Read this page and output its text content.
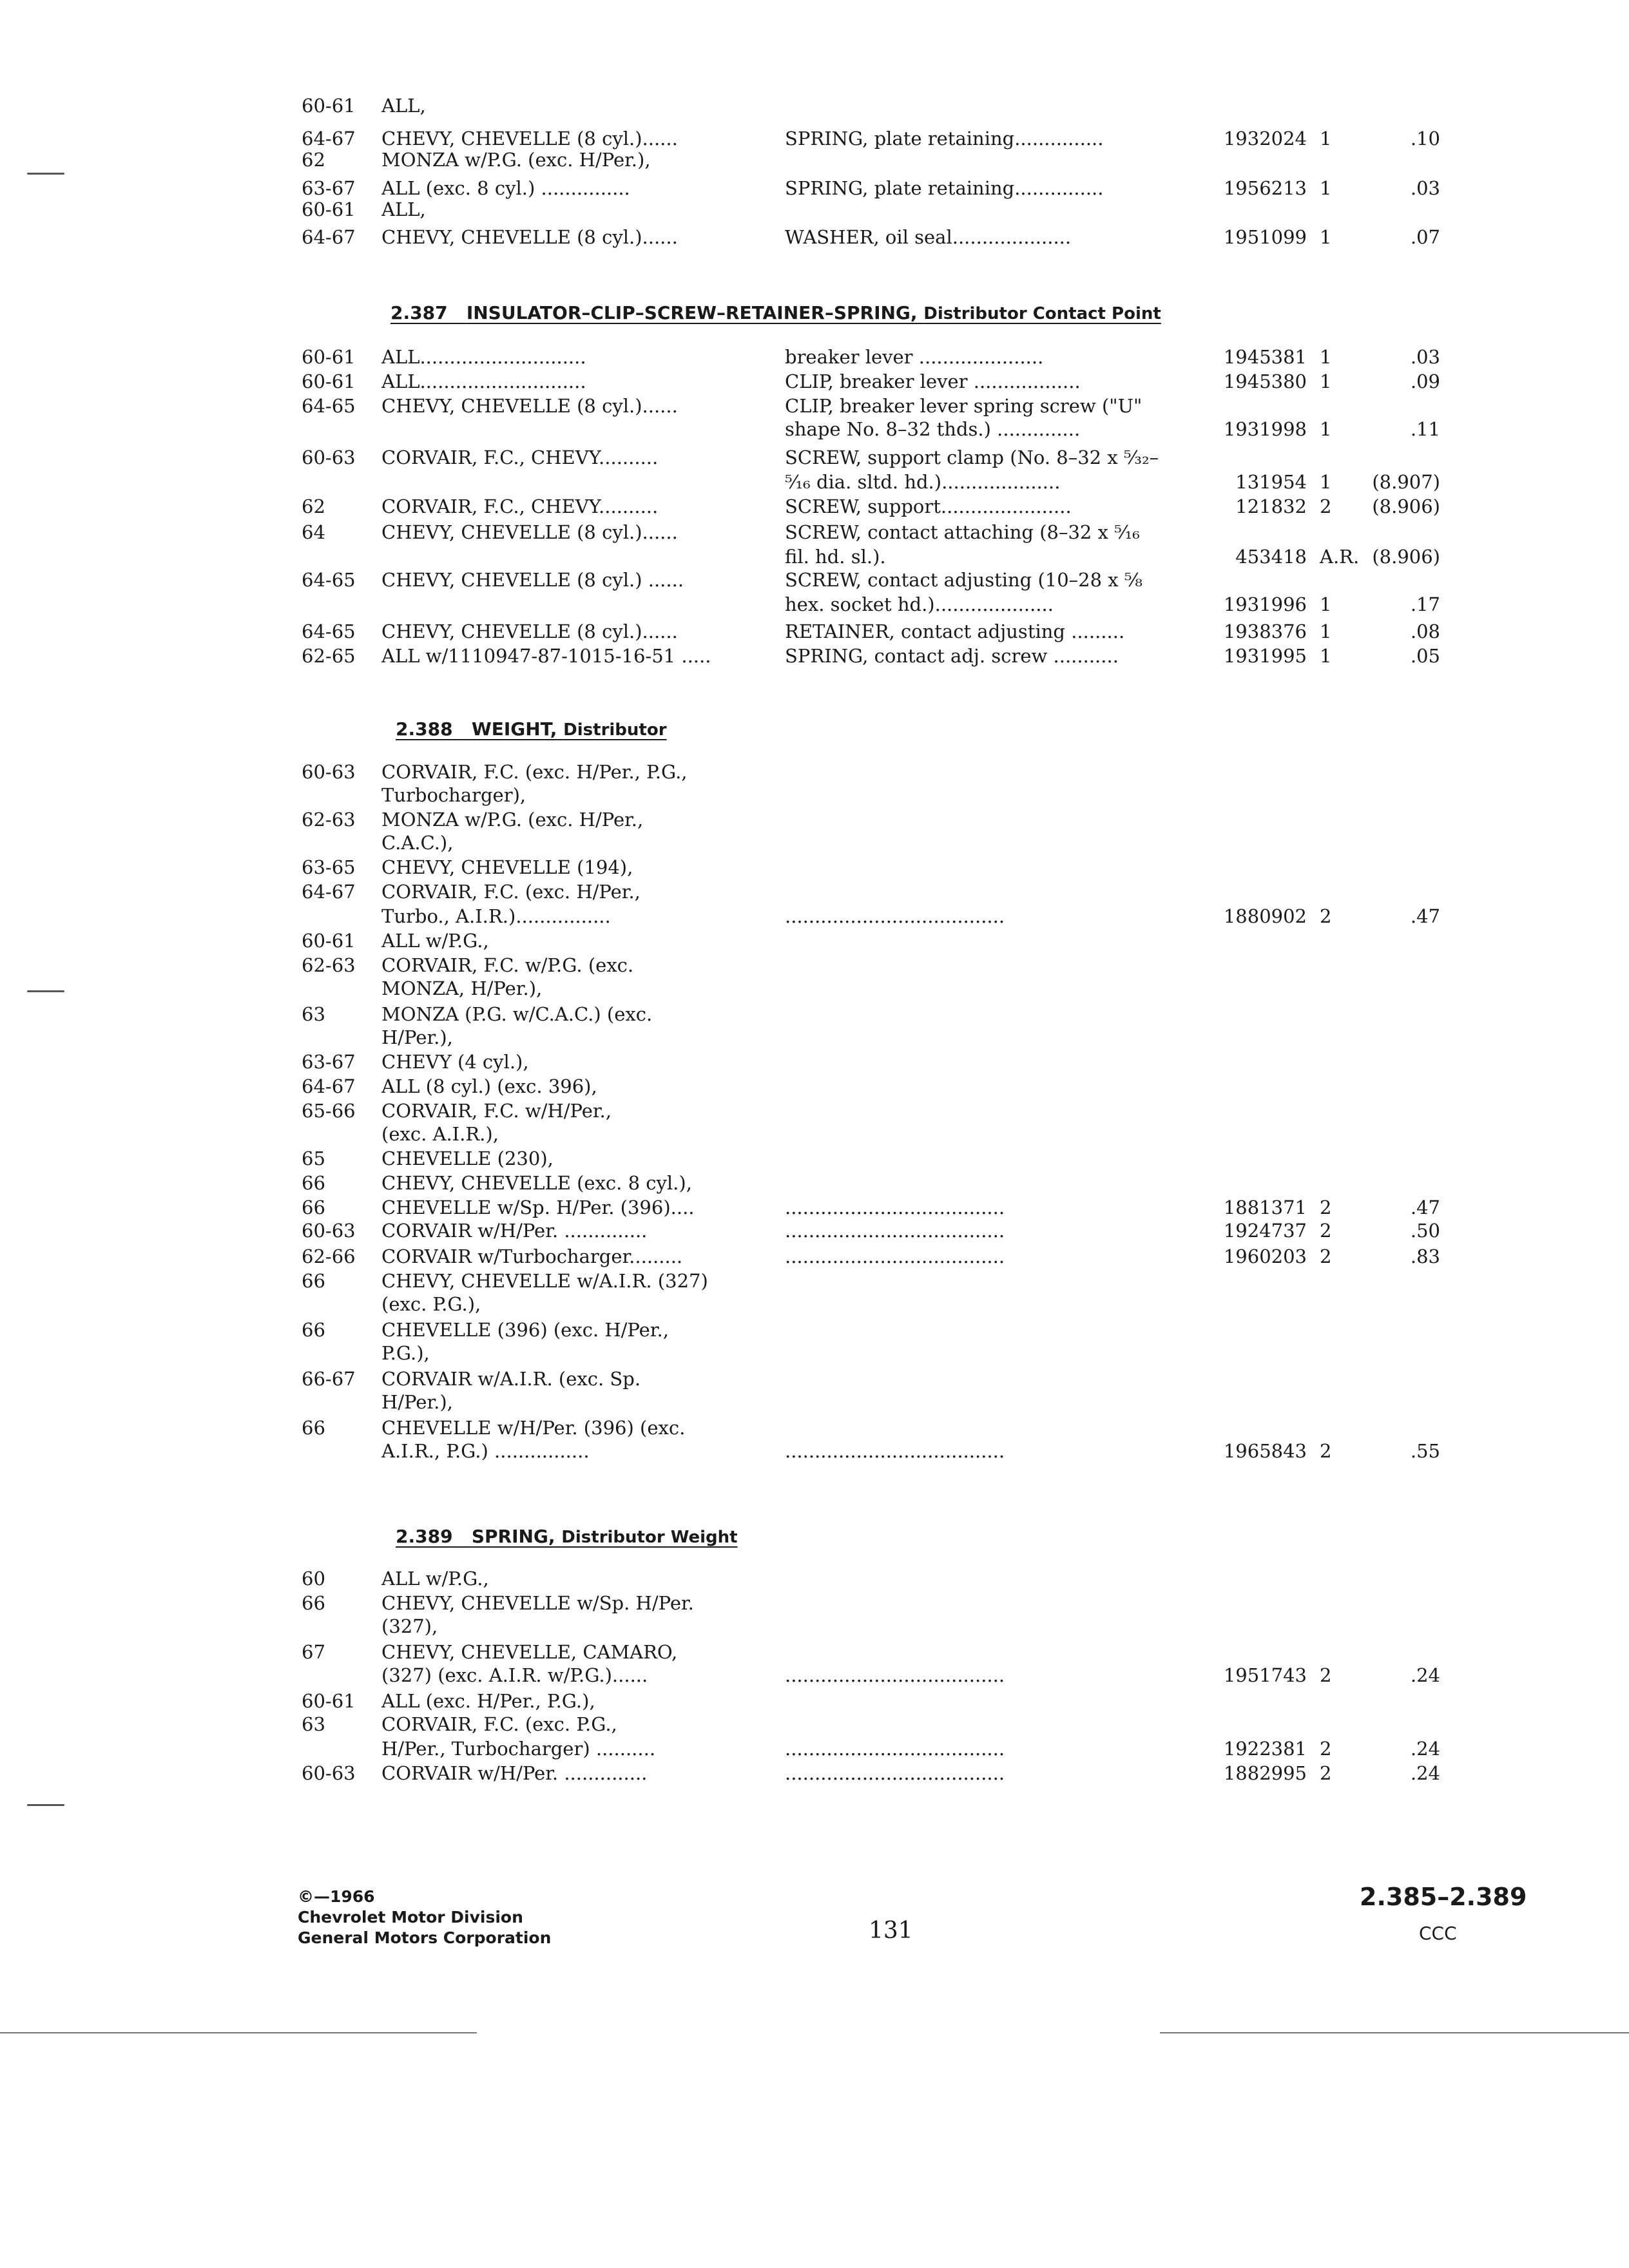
60-61 ALL,
64-67 CHEVY, CHEVELLE (8 cyl.)......	SPRING, plate retaining...............	1932024 1	.10
62	MONZA w/P.G. (exc. H/Per.),
63-67 ALL (exc. 8 cyl.) ...............	SPRING, plate retaining...............	1956213 1	.03
60-61 ALL,
64-67 CHEVY, CHEVELLE (8 cyl.)......	WASHER, oil seal....................	1951099 1	.07
2.387 INSULATOR–CLIP–SCREW–RETAINER–SPRING, Distributor Contact Point
60-61 ALL............................	breaker lever .....................	1945381 1	.03
60-61 ALL............................	CLIP, breaker lever ..................	1945380 1	.09
64-65 CHEVY, CHEVELLE (8 cyl.)......	CLIP, breaker lever spring screw ("U"
shape No. 8–32 thds.) ..............	1931998 1	.11
60-63 CORVAIR, F.C., CHEVY..........	SCREW, support clamp (No. 8–32 x ⁵⁄₃₂–
⁵⁄₁₆ dia. sltd. hd.)....................	131954 1	(8.907)
62	CORVAIR, F.C., CHEVY..........	SCREW, support......................	121832 2	(8.906)
64	CHEVY, CHEVELLE (8 cyl.)......	SCREW, contact attaching (8–32 x ⁵⁄₁₆
fil. hd. sl.).	453418 A.R. (8.906)
64-65 CHEVY, CHEVELLE (8 cyl.) ......	SCREW, contact adjusting (10–28 x ⁵⁄₈
hex. socket hd.)....................	1931996 1	.17
64-65 CHEVY, CHEVELLE (8 cyl.)......	RETAINER, contact adjusting .........	1938376 1	.08
62-65 ALL w/1110947-87-1015-16-51 .....	SPRING, contact adj. screw ...........	1931995 1	.05
2.388 WEIGHT, Distributor
60-63 CORVAIR, F.C. (exc. H/Per., P.G.,
Turbocharger),
62-63 MONZA w/P.G. (exc. H/Per.,
C.A.C.),
63-65 CHEVY, CHEVELLE (194),
64-67 CORVAIR, F.C. (exc. H/Per.,
Turbo., A.I.R.)................	.....................................	1880902 2	.47
60-61 ALL w/P.G.,
62-63 CORVAIR, F.C. w/P.G. (exc.
MONZA, H/Per.),
63	MONZA (P.G. w/C.A.C.) (exc.
H/Per.),
63-67 CHEVY (4 cyl.),
64-67 ALL (8 cyl.) (exc. 396),
65-66 CORVAIR, F.C. w/H/Per.,
(exc. A.I.R.),
65	CHEVELLE (230),
66	CHEVY, CHEVELLE (exc. 8 cyl.),
66	CHEVELLE w/Sp. H/Per. (396)....	.....................................	1881371 2	.47
60-63 CORVAIR w/H/Per. ..............	.....................................	1924737 2	.50
62-66 CORVAIR w/Turbocharger.........	.....................................	1960203 2	.83
66	CHEVY, CHEVELLE w/A.I.R. (327)
(exc. P.G.),
66	CHEVELLE (396) (exc. H/Per.,
P.G.),
66-67 CORVAIR w/A.I.R. (exc. Sp.
H/Per.),
66	CHEVELLE w/H/Per. (396) (exc.
A.I.R., P.G.) ................	.....................................	1965843 2	.55
2.389 SPRING, Distributor Weight
60	ALL w/P.G.,
66	CHEVY, CHEVELLE w/Sp. H/Per.
(327),
67	CHEVY, CHEVELLE, CAMARO,
(327) (exc. A.I.R. w/P.G.)......	.....................................	1951743 2	.24
60-61 ALL (exc. H/Per., P.G.),
63	CORVAIR, F.C. (exc. P.G.,
H/Per., Turbocharger) ..........	.....................................	1922381 2	.24
60-63 CORVAIR w/H/Per. ..............	.....................................	1882995 2	.24
©—1966
Chevrolet Motor Division
General Motors Corporation	131
2.385–2.389
CCC
